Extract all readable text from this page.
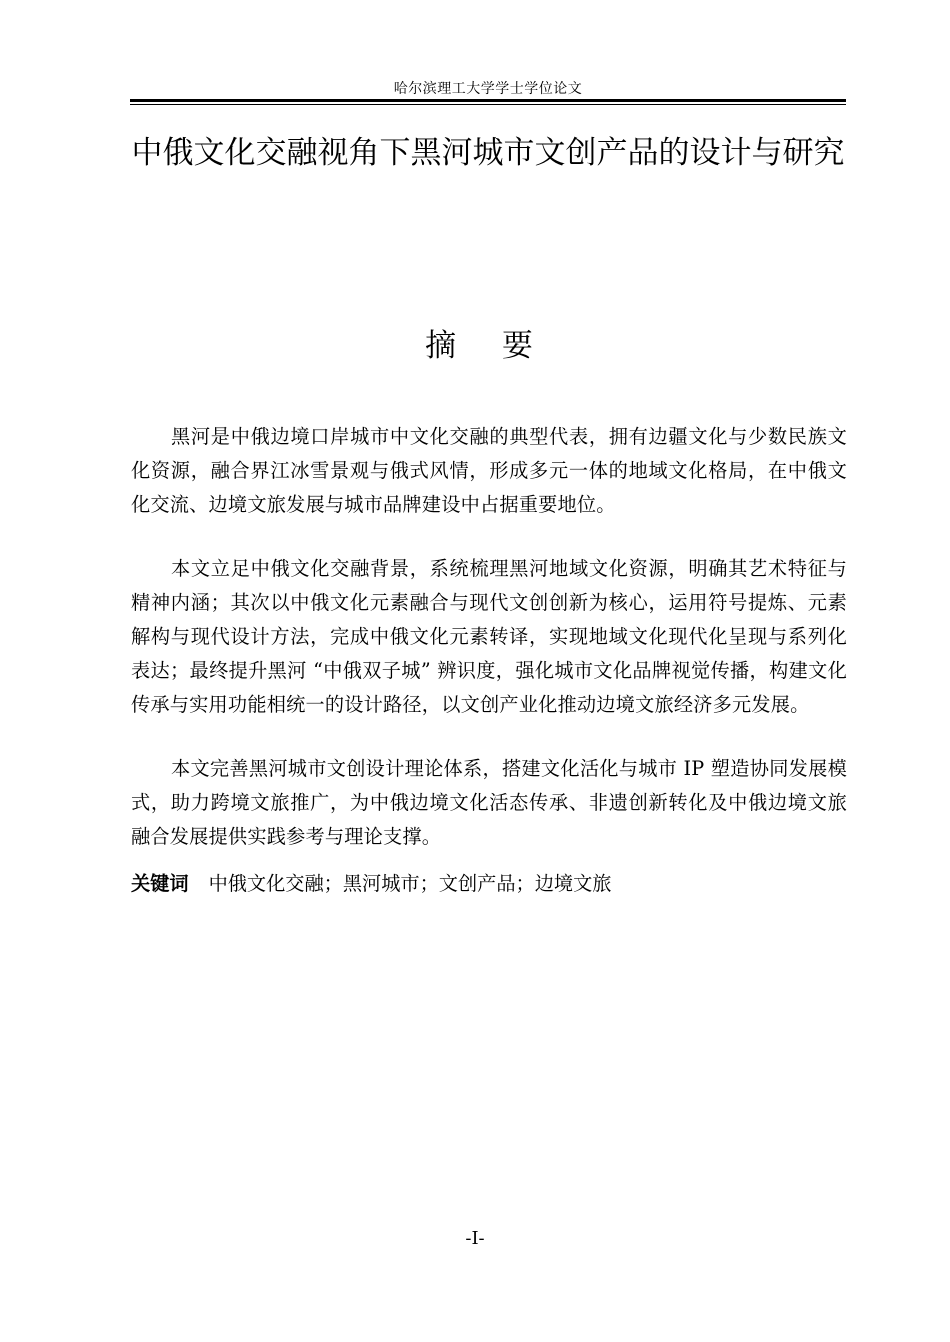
哈尔滨理工大学学士学位论文
中俄文化交融视角下黑河城市文创产品的设计与研究
摘 要

黑河是中俄边境口岸城市中文化交融的典型代表，拥有边疆文化与少数民族文化资源，融合界江冰雪景观与俄式风情，形成多元一体的地域文化格局，在中俄文化交流、边境文旅发展与城市品牌建设中占据重要地位。

本文立足中俄文化交融背景，系统梳理黑河地域文化资源，明确其艺术特征与精神内涵；其次以中俄文化元素融合与现代文创创新为核心，运用符号提炼、元素解构与现代设计方法，完成中俄文化元素转译，实现地域文化现代化呈现与系列化表达；最终提升黑河 “中俄双子城” 辨识度，强化城市文化品牌视觉传播，构建文化传承与实用功能相统一的设计路径，以文创产业化推动边境文旅经济多元发展。

本文完善黑河城市文创设计理论体系，搭建文化活化与城市 IP 塑造协同发展模式，助力跨境文旅推广，为中俄边境文化活态传承、非遗创新转化及中俄边境文旅融合发展提供实践参考与理论支撑。

关键词 中俄文化交融；黑河城市；文创产品；边境文旅
-I-
